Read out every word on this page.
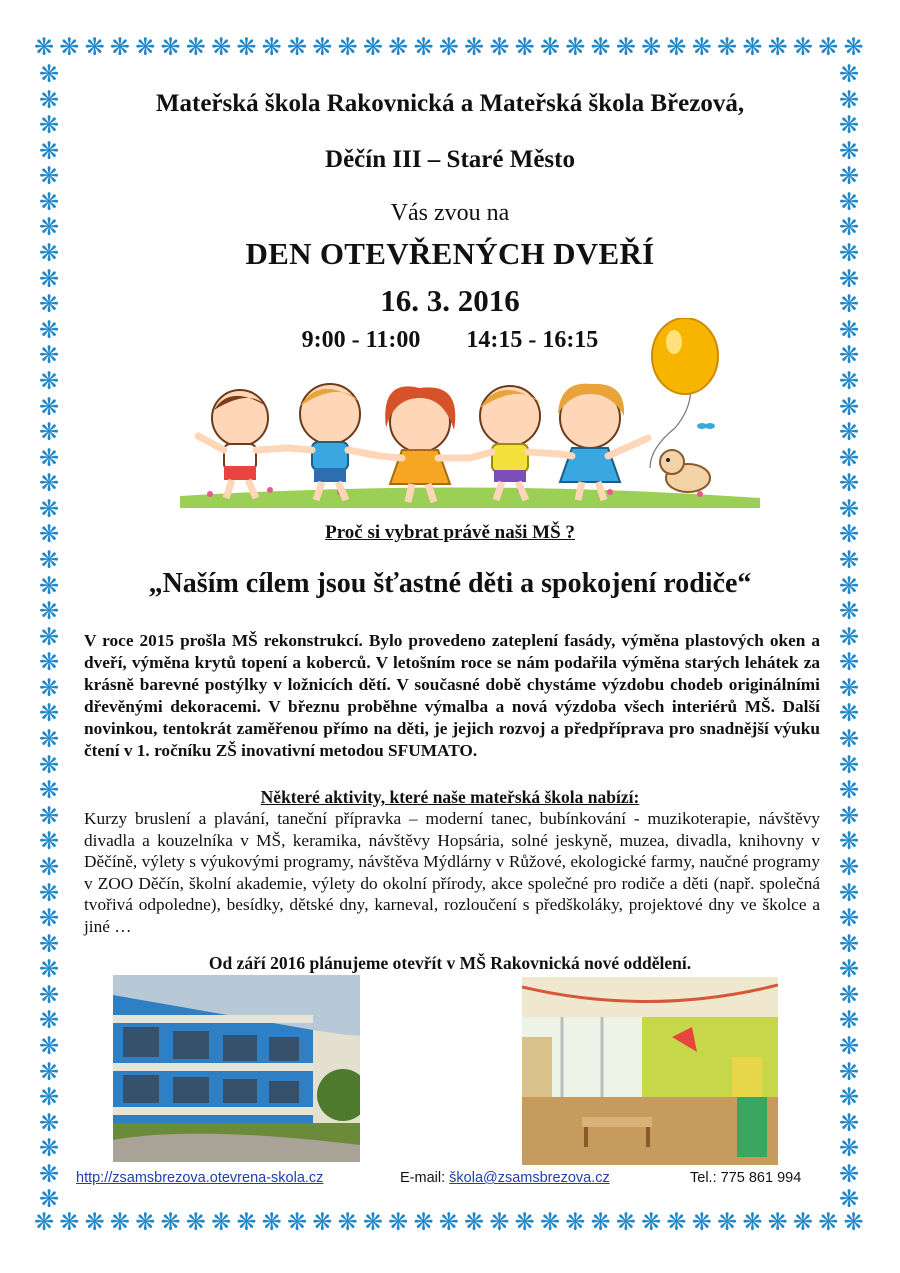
❋ ❋ ❋ ❋ ❋ ❋ ❋ ❋ ❋ ❋ ❋ ❋ ❋ ❋ ❋ ❋ ❋ ❋ ❋ ❋ ❋ ❋ ❋ ❋ ❋ ❋ ❋ ❋ ❋ ❋ ❋ ❋ ❋
❋ ❋ ❋ ❋ ❋ ❋ ❋ ❋ ❋ ❋ ❋ ❋ ❋ ❋ ❋ ❋ ❋ ❋ ❋ ❋ ❋ ❋ ❋ ❋ ❋ ❋ ❋ ❋ ❋ ❋ ❋ ❋ ❋
❋
❋
❋
❋
❋
❋
❋
❋
❋
❋
❋
❋
❋
❋
❋
❋
❋
❋
❋
❋
❋
❋
❋
❋
❋
❋
❋
❋
❋
❋
❋
❋
❋
❋
❋
❋
❋
❋
❋
❋
❋
❋
❋
❋
❋
❋
❋
❋
❋
❋
❋
❋
❋
❋
❋
❋
❋
❋
❋
❋
❋
❋
❋
❋
❋
❋
❋
❋
❋
❋
❋
❋
❋
❋
❋
❋
❋
❋
❋
❋
❋
❋
❋
❋
❋
❋
❋
❋
❋
❋
Mateřská škola Rakovnická a Mateřská škola Březová,
Děčín III – Staré Město
Vás zvou na
DEN OTEVŘENÝCH DVEŘÍ
16. 3. 2016
9:00 - 11:00 14:15 - 16:15
Proč si vybrat právě naši MŠ ?
„Naším cílem jsou šťastné děti a spokojení rodiče“
V roce 2015 prošla MŠ rekonstrukcí. Bylo provedeno zateplení fasády, výměna plastových oken a dveří, výměna krytů topení a koberců. V letošním roce se nám podařila výměna starých lehátek za krásně barevné postýlky v ložnicích dětí. V současné době chystáme výzdobu chodeb originálními dřevěnými dekoracemi. V březnu proběhne výmalba a nová výzdoba všech interiérů MŠ. Další novinkou, tentokrát zaměřenou přímo na děti, je jejich rozvoj a předpříprava pro snadnější výuku čtení v 1. ročníku ZŠ inovativní metodou SFUMATO.
Některé aktivity, které naše mateřská škola nabízí:
Kurzy bruslení a plavání, taneční přípravka – moderní tanec, bubínkování - muzikoterapie, návštěvy divadla a kouzelníka v MŠ, keramika, návštěvy Hopsária, solné jeskyně, muzea, divadla, knihovny v Děčíně, výlety s výukovými programy, návštěva Mýdlárny v Růžové, ekologické farmy, naučné programy v ZOO Děčín, školní akademie, výlety do okolní přírody, akce společné pro rodiče a děti (např. společná tvořivá odpoledne), besídky, dětské dny, karneval, rozloučení s předškoláky, projektové dny ve školce a jiné …
Od září 2016 plánujeme otevřít v MŠ Rakovnická nové oddělení.
http://zsamsbrezova.otevrena-skola.cz	E-mail: škola@zsamsbrezova.cz	Tel.: 775 861 994
